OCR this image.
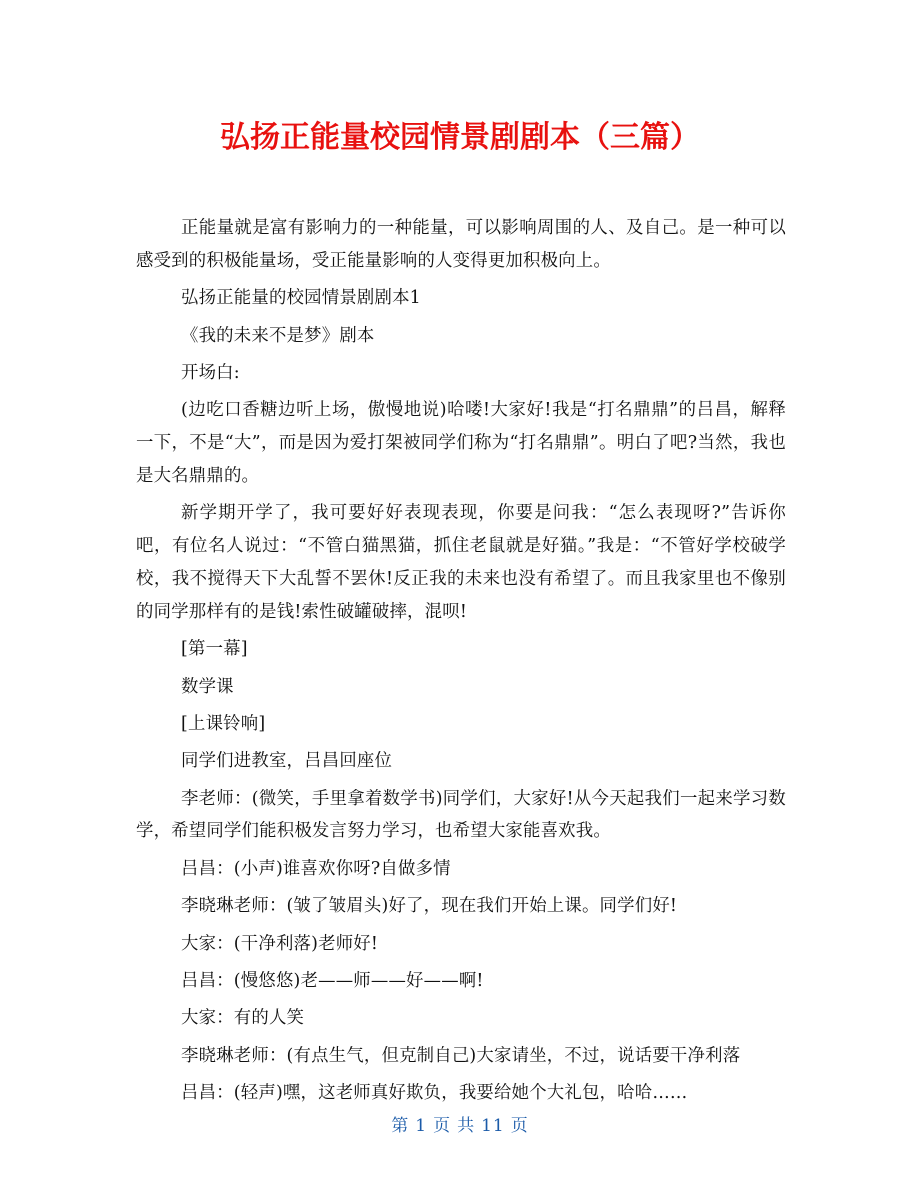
弘扬正能量校园情景剧剧本（三篇）

正能量就是富有影响力的一种能量，可以影响周围的人、及自己。是一种可以感受到的积极能量场，受正能量影响的人变得更加积极向上。

弘扬正能量的校园情景剧剧本1

《我的未来不是梦》剧本

开场白:

(边吃口香糖边听上场，傲慢地说)哈喽!大家好!我是“打名鼎鼎”的吕昌，解释一下，不是“大”，而是因为爱打架被同学们称为“打名鼎鼎”。明白了吧?当然，我也是大名鼎鼎的。

新学期开学了，我可要好好表现表现，你要是问我：“怎么表现呀?”告诉你吧，有位名人说过：“不管白猫黑猫，抓住老鼠就是好猫。”我是：“不管好学校破学校，我不搅得天下大乱誓不罢休!反正我的未来也没有希望了。而且我家里也不像别的同学那样有的是钱!索性破罐破摔，混呗!

[第一幕]

数学课

[上课铃响]

同学们进教室，吕昌回座位

李老师：(微笑，手里拿着数学书)同学们，大家好!从今天起我们一起来学习数学，希望同学们能积极发言努力学习，也希望大家能喜欢我。

吕昌：(小声)谁喜欢你呀?自做多情

李晓琳老师：(皱了皱眉头)好了，现在我们开始上课。同学们好!

大家：(干净利落)老师好!

吕昌：(慢悠悠)老——师——好——啊!

大家：有的人笑

李晓琳老师：(有点生气，但克制自己)大家请坐，不过，说话要干净利落

吕昌：(轻声)嘿，这老师真好欺负，我要给她个大礼包，哈哈……

第 1 页 共 11 页
